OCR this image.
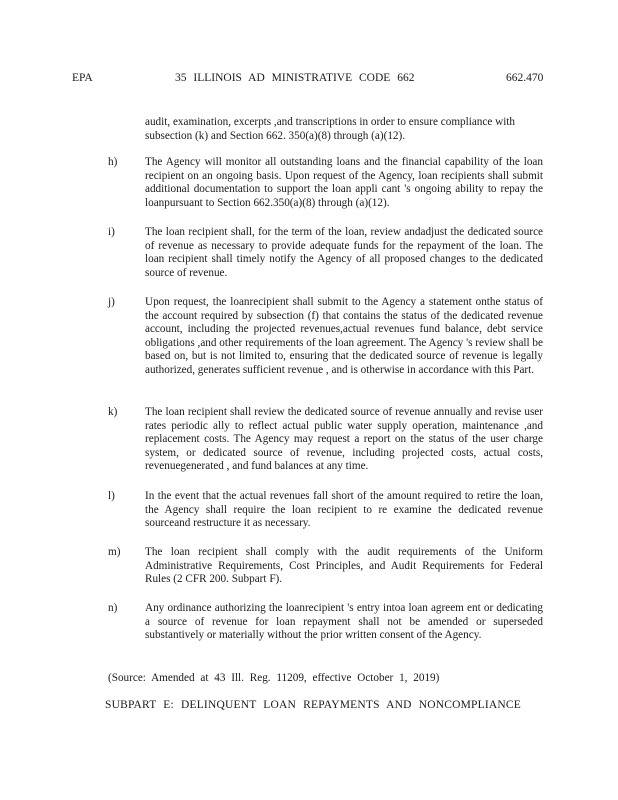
EPA	35 ILLINOIS AD MINISTRATIVE CODE 662	662.470
audit, examination, excerpts ,and transcriptions in order to ensure compliance with subsection (k) and Section 662. 350(a)(8) through (a)(12).
h) The Agency will monitor all outstanding loans and the financial capability of the loan recipient on an ongoing basis. Upon request of the Agency, loan recipients shall submit additional documentation to support the loan appli cant 's ongoing ability to repay the loanpursuant to Section 662.350(a)(8) through (a)(12).
i)	The loan recipient shall, for the term of the loan, review andadjust the dedicated source of revenue as necessary to provide adequate funds for the repayment of the loan. The loan recipient shall timely notify the Agency of all proposed changes to the dedicated source of revenue.
j)	Upon request, the loanrecipient shall submit to the Agency a statement onthe status of the account required by subsection (f) that contains the status of the dedicated revenue account, including the projected revenues,actual revenues fund balance, debt service obligations ,and other requirements of the loan agreement. The Agency 's review shall be based on, but is not limited to, ensuring that the dedicated source of revenue is legally authorized, generates sufficient revenue , and is otherwise in accordance with this Part.
k) The loan recipient shall review the dedicated source of revenue annually and revise user rates periodic ally to reflect actual public water supply operation, maintenance ,and replacement costs. The Agency may request a report on the status of the user charge system, or dedicated source of revenue, including projected costs, actual costs, revenuegenerated , and fund balances at any time.
l)	In the event that the actual revenues fall short of the amount required to retire the loan, the Agency shall require the loan recipient to re examine the dedicated revenue sourceand restructure it as necessary.
m) The loan recipient shall comply with the audit requirements of the Uniform Administrative Requirements, Cost Principles, and Audit Requirements for Federal Rules (2 CFR 200. Subpart F).
n) Any ordinance authorizing the loanrecipient 's entry intoa loan agreem ent or dedicating a source of revenue for loan repayment shall not be amended or superseded substantively or materially without the prior written consent of the Agency.
(Source: Amended at 43 Ill. Reg. 11209, effective October 1, 2019)
SUBPART E: DELINQUENT LOAN REPAYMENTS AND NONCOMPLIANCE
